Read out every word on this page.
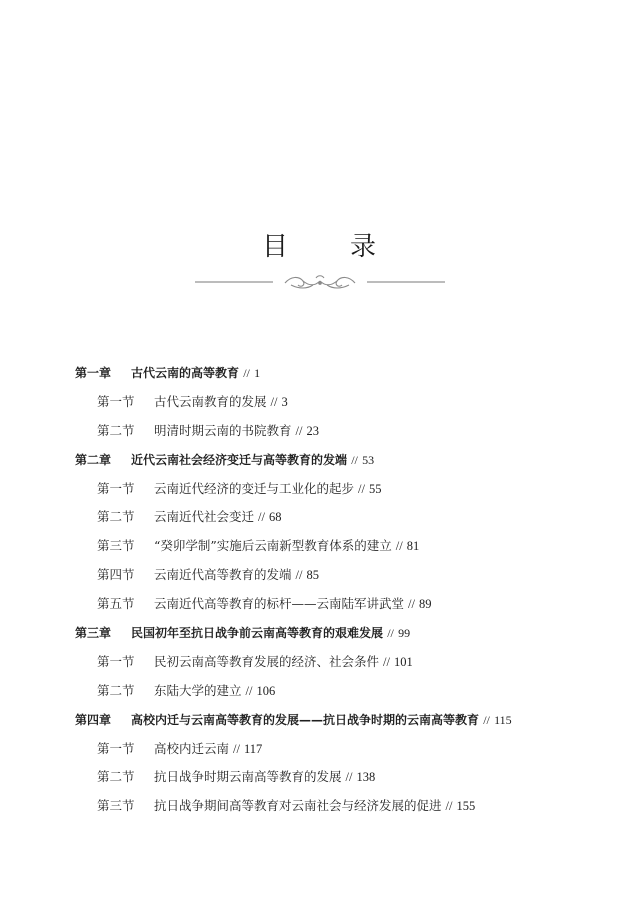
目录
第一章 古代云南的高等教育 // 1
第一节 古代云南教育的发展 // 3
第二节 明清时期云南的书院教育 // 23
第二章 近代云南社会经济变迁与高等教育的发端 // 53
第一节 云南近代经济的变迁与工业化的起步 // 55
第二节 云南近代社会变迁 // 68
第三节 “癸卯学制”实施后云南新型教育体系的建立 // 81
第四节 云南近代高等教育的发端 // 85
第五节 云南近代高等教育的标杆——云南陆军讲武堂 // 89
第三章 民国初年至抗日战争前云南高等教育的艰难发展 // 99
第一节 民初云南高等教育发展的经济、社会条件 // 101
第二节 东陆大学的建立 // 106
第四章 高校内迁与云南高等教育的发展——抗日战争时期的云南高等教育 // 115
第一节 高校内迁云南 // 117
第二节 抗日战争时期云南高等教育的发展 // 138
第三节 抗日战争期间高等教育对云南社会与经济发展的促进 // 155
